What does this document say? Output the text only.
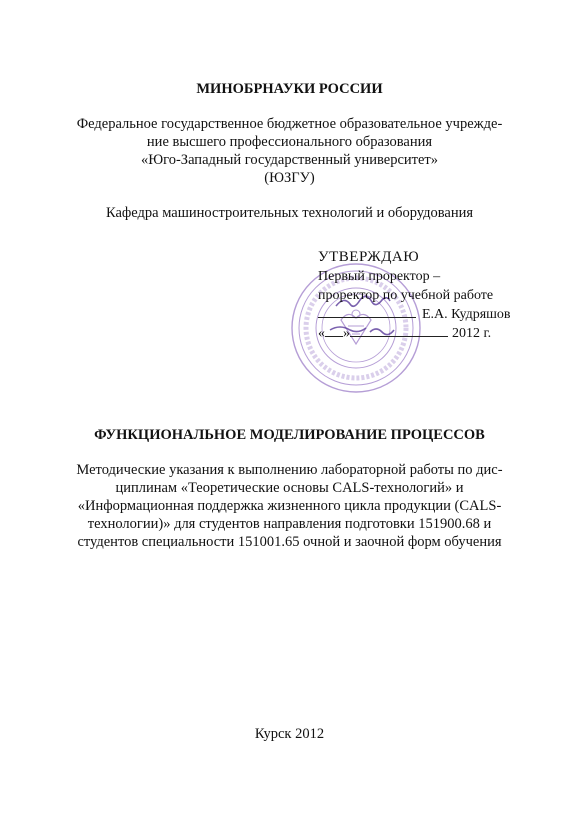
МИНОБРНАУКИ РОССИИ
Федеральное государственное бюджетное образовательное учрежде-
ние высшего профессионального образования
«Юго-Западный государственный университет»
(ЮЗГУ)
Кафедра машиностроительных технологий и оборудования
УТВЕРЖДАЮ
Первый проректор –
проректор по учебной работе
Е.А. Кудряшов
« »	2012 г.
ФУНКЦИОНАЛЬНОЕ МОДЕЛИРОВАНИЕ ПРОЦЕССОВ
Методические указания к выполнению лабораторной работы по дис-
циплинам «Теоретические основы CALS-технологий» и
«Информационная поддержка жизненного цикла продукции (CALS-
технологии)» для студентов направления подготовки 151900.68 и
студентов специальности 151001.65 очной и заочной форм обучения
Курск 2012
